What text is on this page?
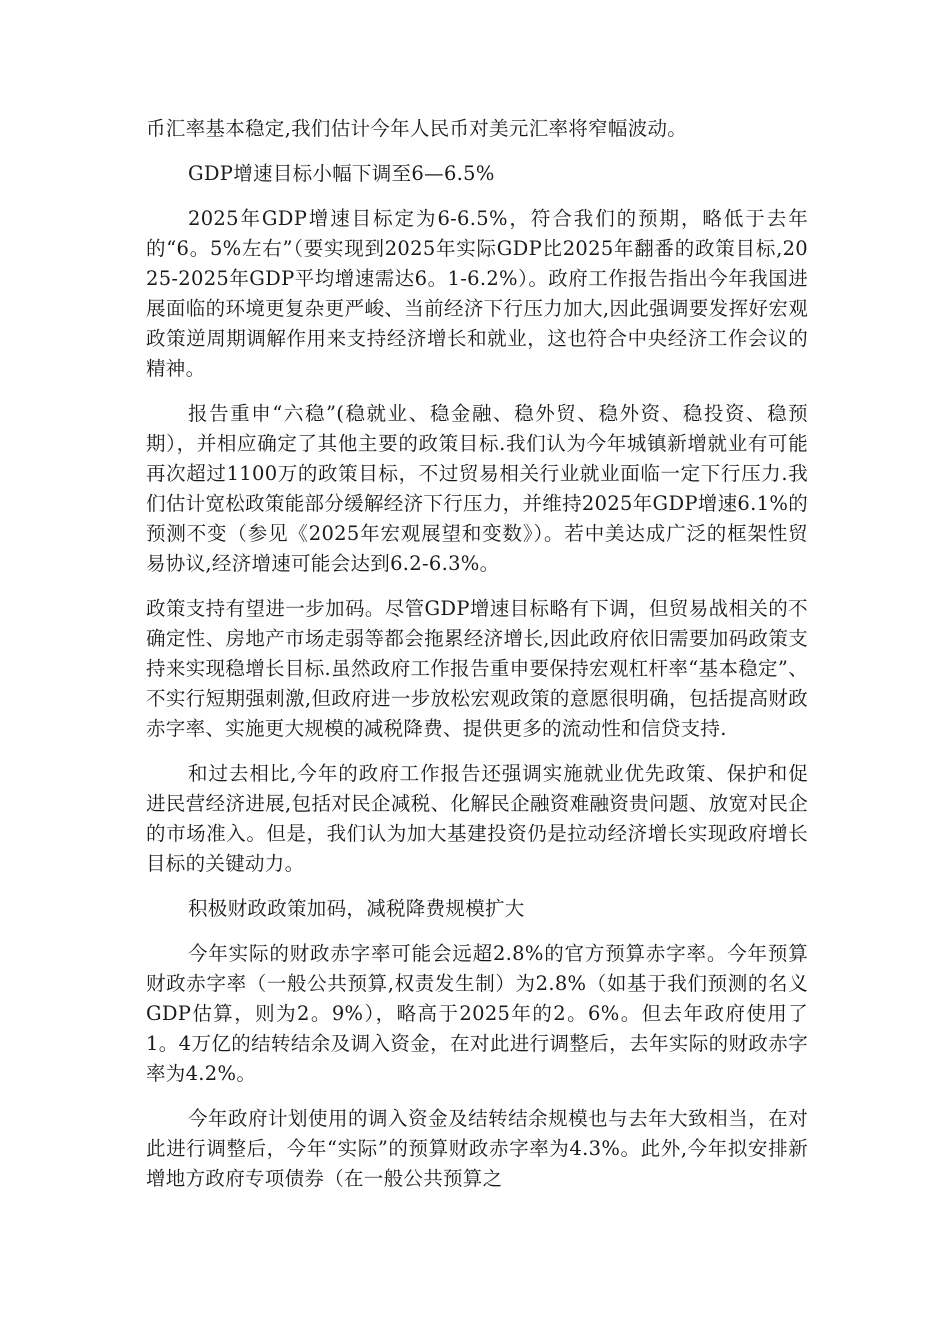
币汇率基本稳定,我们估计今年人民币对美元汇率将窄幅波动。

GDP增速目标小幅下调至6—6.5%

2025年GDP增速目标定为6-6.5%，符合我们的预期，略低于去年的“6。5%左右”（要实现到2025年实际GDP比2025年翻番的政策目标,2025-2025年GDP平均增速需达6。1-6.2%）。政府工作报告指出今年我国进展面临的环境更复杂更严峻、当前经济下行压力加大,因此强调要发挥好宏观政策逆周期调解作用来支持经济增长和就业，这也符合中央经济工作会议的精神。

报告重申“六稳”(稳就业、稳金融、稳外贸、稳外资、稳投资、稳预期），并相应确定了其他主要的政策目标.我们认为今年城镇新增就业有可能再次超过1100万的政策目标，不过贸易相关行业就业面临一定下行压力.我们估计宽松政策能部分缓解经济下行压力，并维持2025年GDP增速6.1%的预测不变（参见《2025年宏观展望和变数》）。若中美达成广泛的框架性贸易协议,经济增速可能会达到6.2-6.3%。

政策支持有望进一步加码。尽管GDP增速目标略有下调，但贸易战相关的不确定性、房地产市场走弱等都会拖累经济增长,因此政府依旧需要加码政策支持来实现稳增长目标.虽然政府工作报告重申要保持宏观杠杆率“基本稳定”、不实行短期强刺激,但政府进一步放松宏观政策的意愿很明确，包括提高财政赤字率、实施更大规模的减税降费、提供更多的流动性和信贷支持.

和过去相比,今年的政府工作报告还强调实施就业优先政策、保护和促进民营经济进展,包括对民企减税、化解民企融资难融资贵问题、放宽对民企的市场准入。但是，我们认为加大基建投资仍是拉动经济增长实现政府增长目标的关键动力。

积极财政政策加码，减税降费规模扩大

今年实际的财政赤字率可能会远超2.8%的官方预算赤字率。今年预算财政赤字率（一般公共预算,权责发生制）为2.8%（如基于我们预测的名义GDP估算，则为2。9%），略高于2025年的2。6%。但去年政府使用了1。4万亿的结转结余及调入资金，在对此进行调整后，去年实际的财政赤字率为4.2%。

今年政府计划使用的调入资金及结转结余规模也与去年大致相当，在对此进行调整后，今年“实际”的预算财政赤字率为4.3%。此外,今年拟安排新增地方政府专项债券（在一般公共预算之
